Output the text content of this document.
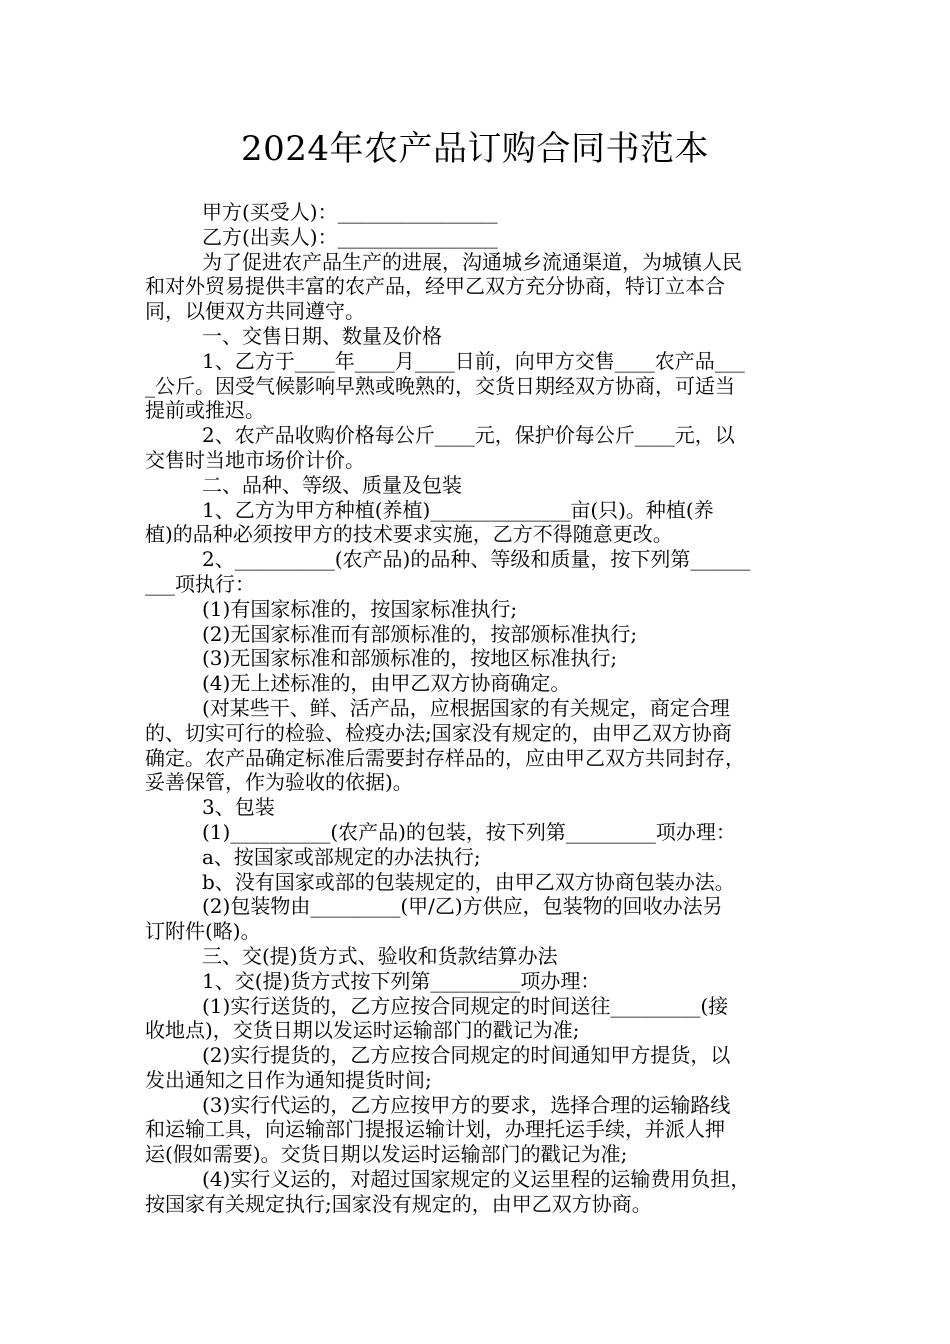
2024年农产品订购合同书范本
甲方(买受人)：________________
乙方(出卖人)：________________
为了促进农产品生产的进展，沟通城乡流通渠道，为城镇人民
和对外贸易提供丰富的农产品，经甲乙双方充分协商，特订立本合
同，以便双方共同遵守。
一、交售日期、数量及价格
1、乙方于____年____月____日前，向甲方交售____农产品___
_公斤。因受气候影响早熟或晚熟的，交货日期经双方协商，可适当
提前或推迟。
2、农产品收购价格每公斤____元，保护价每公斤____元，以
交售时当地市场价计价。
二、品种、等级、质量及包装
1、乙方为甲方种植(养植)______________亩(只)。种植(养
植)的品种必须按甲方的技术要求实施，乙方不得随意更改。
2、__________(农产品)的品种、等级和质量，按下列第______
___项执行：
(1)有国家标准的，按国家标准执行;
(2)无国家标准而有部颁标准的，按部颁标准执行;
(3)无国家标准和部颁标准的，按地区标准执行;
(4)无上述标准的，由甲乙双方协商确定。
(对某些干、鲜、活产品，应根据国家的有关规定，商定合理
的、切实可行的检验、检疫办法;国家没有规定的，由甲乙双方协商
确定。农产品确定标准后需要封存样品的，应由甲乙双方共同封存，
妥善保管，作为验收的依据)。
3、包装
(1)__________(农产品)的包装，按下列第_________项办理：
a、按国家或部规定的办法执行;
b、没有国家或部的包装规定的，由甲乙双方协商包装办法。
(2)包装物由_________(甲/乙)方供应，包装物的回收办法另
订附件(略)。
三、交(提)货方式、验收和货款结算办法
1、交(提)货方式按下列第_________项办理：
(1)实行送货的，乙方应按合同规定的时间送往_________(接
收地点)，交货日期以发运时运输部门的戳记为准;
(2)实行提货的，乙方应按合同规定的时间通知甲方提货，以
发出通知之日作为通知提货时间;
(3)实行代运的，乙方应按甲方的要求，选择合理的运输路线
和运输工具，向运输部门提报运输计划，办理托运手续，并派人押
运(假如需要)。交货日期以发运时运输部门的戳记为准;
(4)实行义运的，对超过国家规定的义运里程的运输费用负担，
按国家有关规定执行;国家没有规定的，由甲乙双方协商。
